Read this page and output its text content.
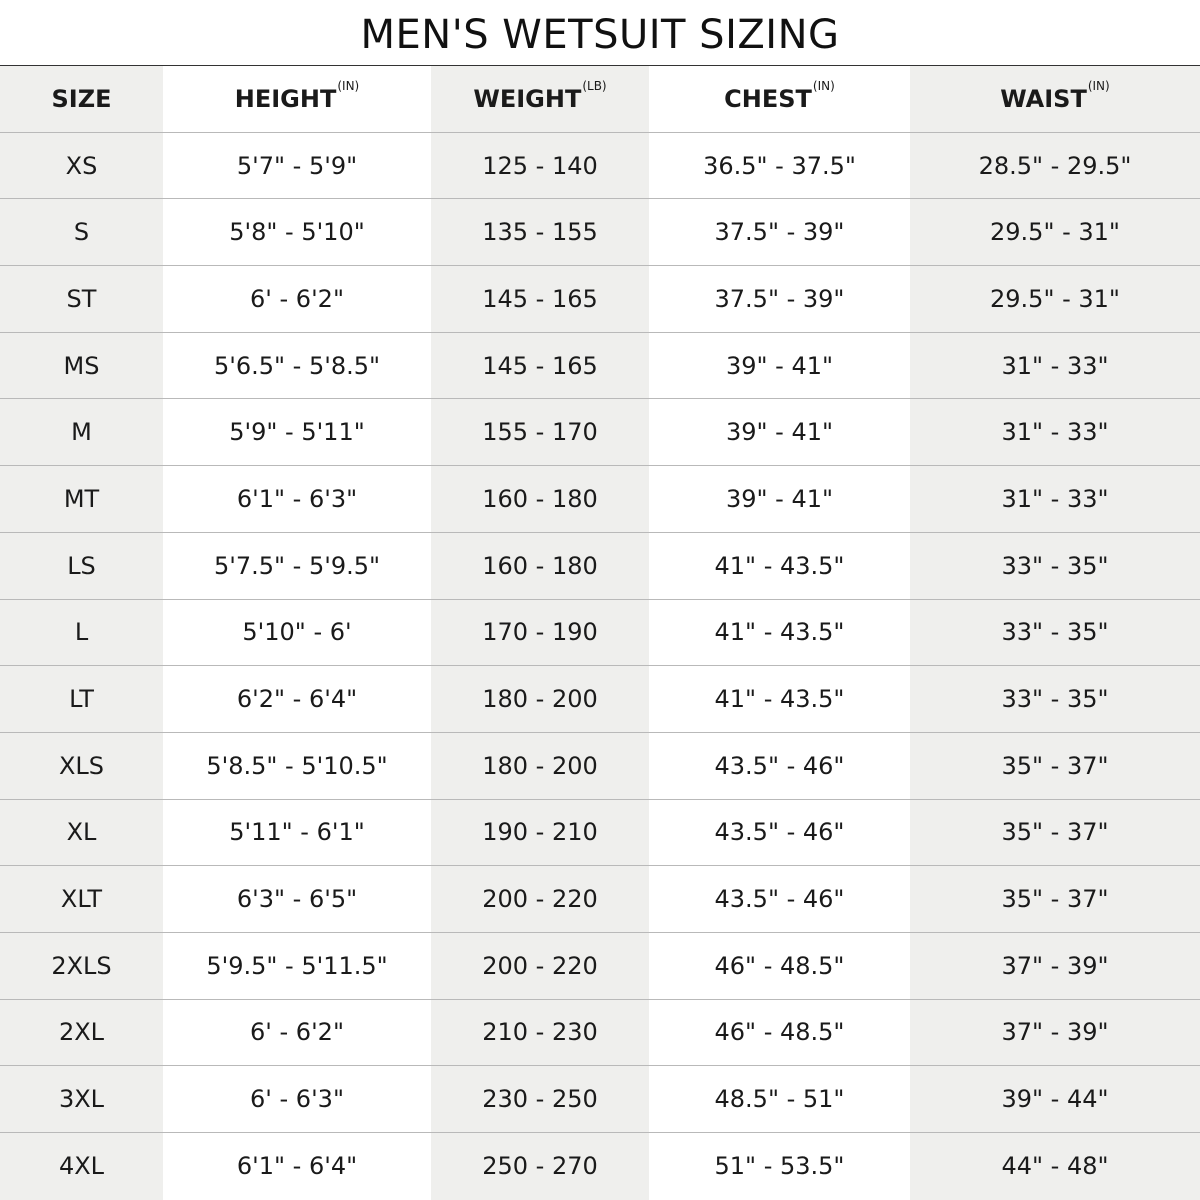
MEN'S WETSUIT SIZING
SIZE	HEIGHT (IN)	WEIGHT (LB)	CHEST (IN)	WAIST (IN)
XS	5'7" - 5'9"	125 - 140	36.5" - 37.5"	28.5" - 29.5"
S	5'8" - 5'10"	135 - 155	37.5" - 39"	29.5" - 31"
ST	6' - 6'2"	145 - 165	37.5" - 39"	29.5" - 31"
MS	5'6.5" - 5'8.5"	145 - 165	39" - 41"	31" - 33"
M	5'9" - 5'11"	155 - 170	39" - 41"	31" - 33"
MT	6'1" - 6'3"	160 - 180	39" - 41"	31" - 33"
LS	5'7.5" - 5'9.5"	160 - 180	41" - 43.5"	33" - 35"
L	5'10" - 6'	170 - 190	41" - 43.5"	33" - 35"
LT	6'2" - 6'4"	180 - 200	41" - 43.5"	33" - 35"
XLS	5'8.5" - 5'10.5"	180 - 200	43.5" - 46"	35" - 37"
XL	5'11" - 6'1"	190 - 210	43.5" - 46"	35" - 37"
XLT	6'3" - 6'5"	200 - 220	43.5" - 46"	35" - 37"
2XLS	5'9.5" - 5'11.5"	200 - 220	46" - 48.5"	37" - 39"
2XL	6' - 6'2"	210 - 230	46" - 48.5"	37" - 39"
3XL	6' - 6'3"	230 - 250	48.5" - 51"	39" - 44"
4XL	6'1" - 6'4"	250 - 270	51" - 53.5"	44" - 48"
